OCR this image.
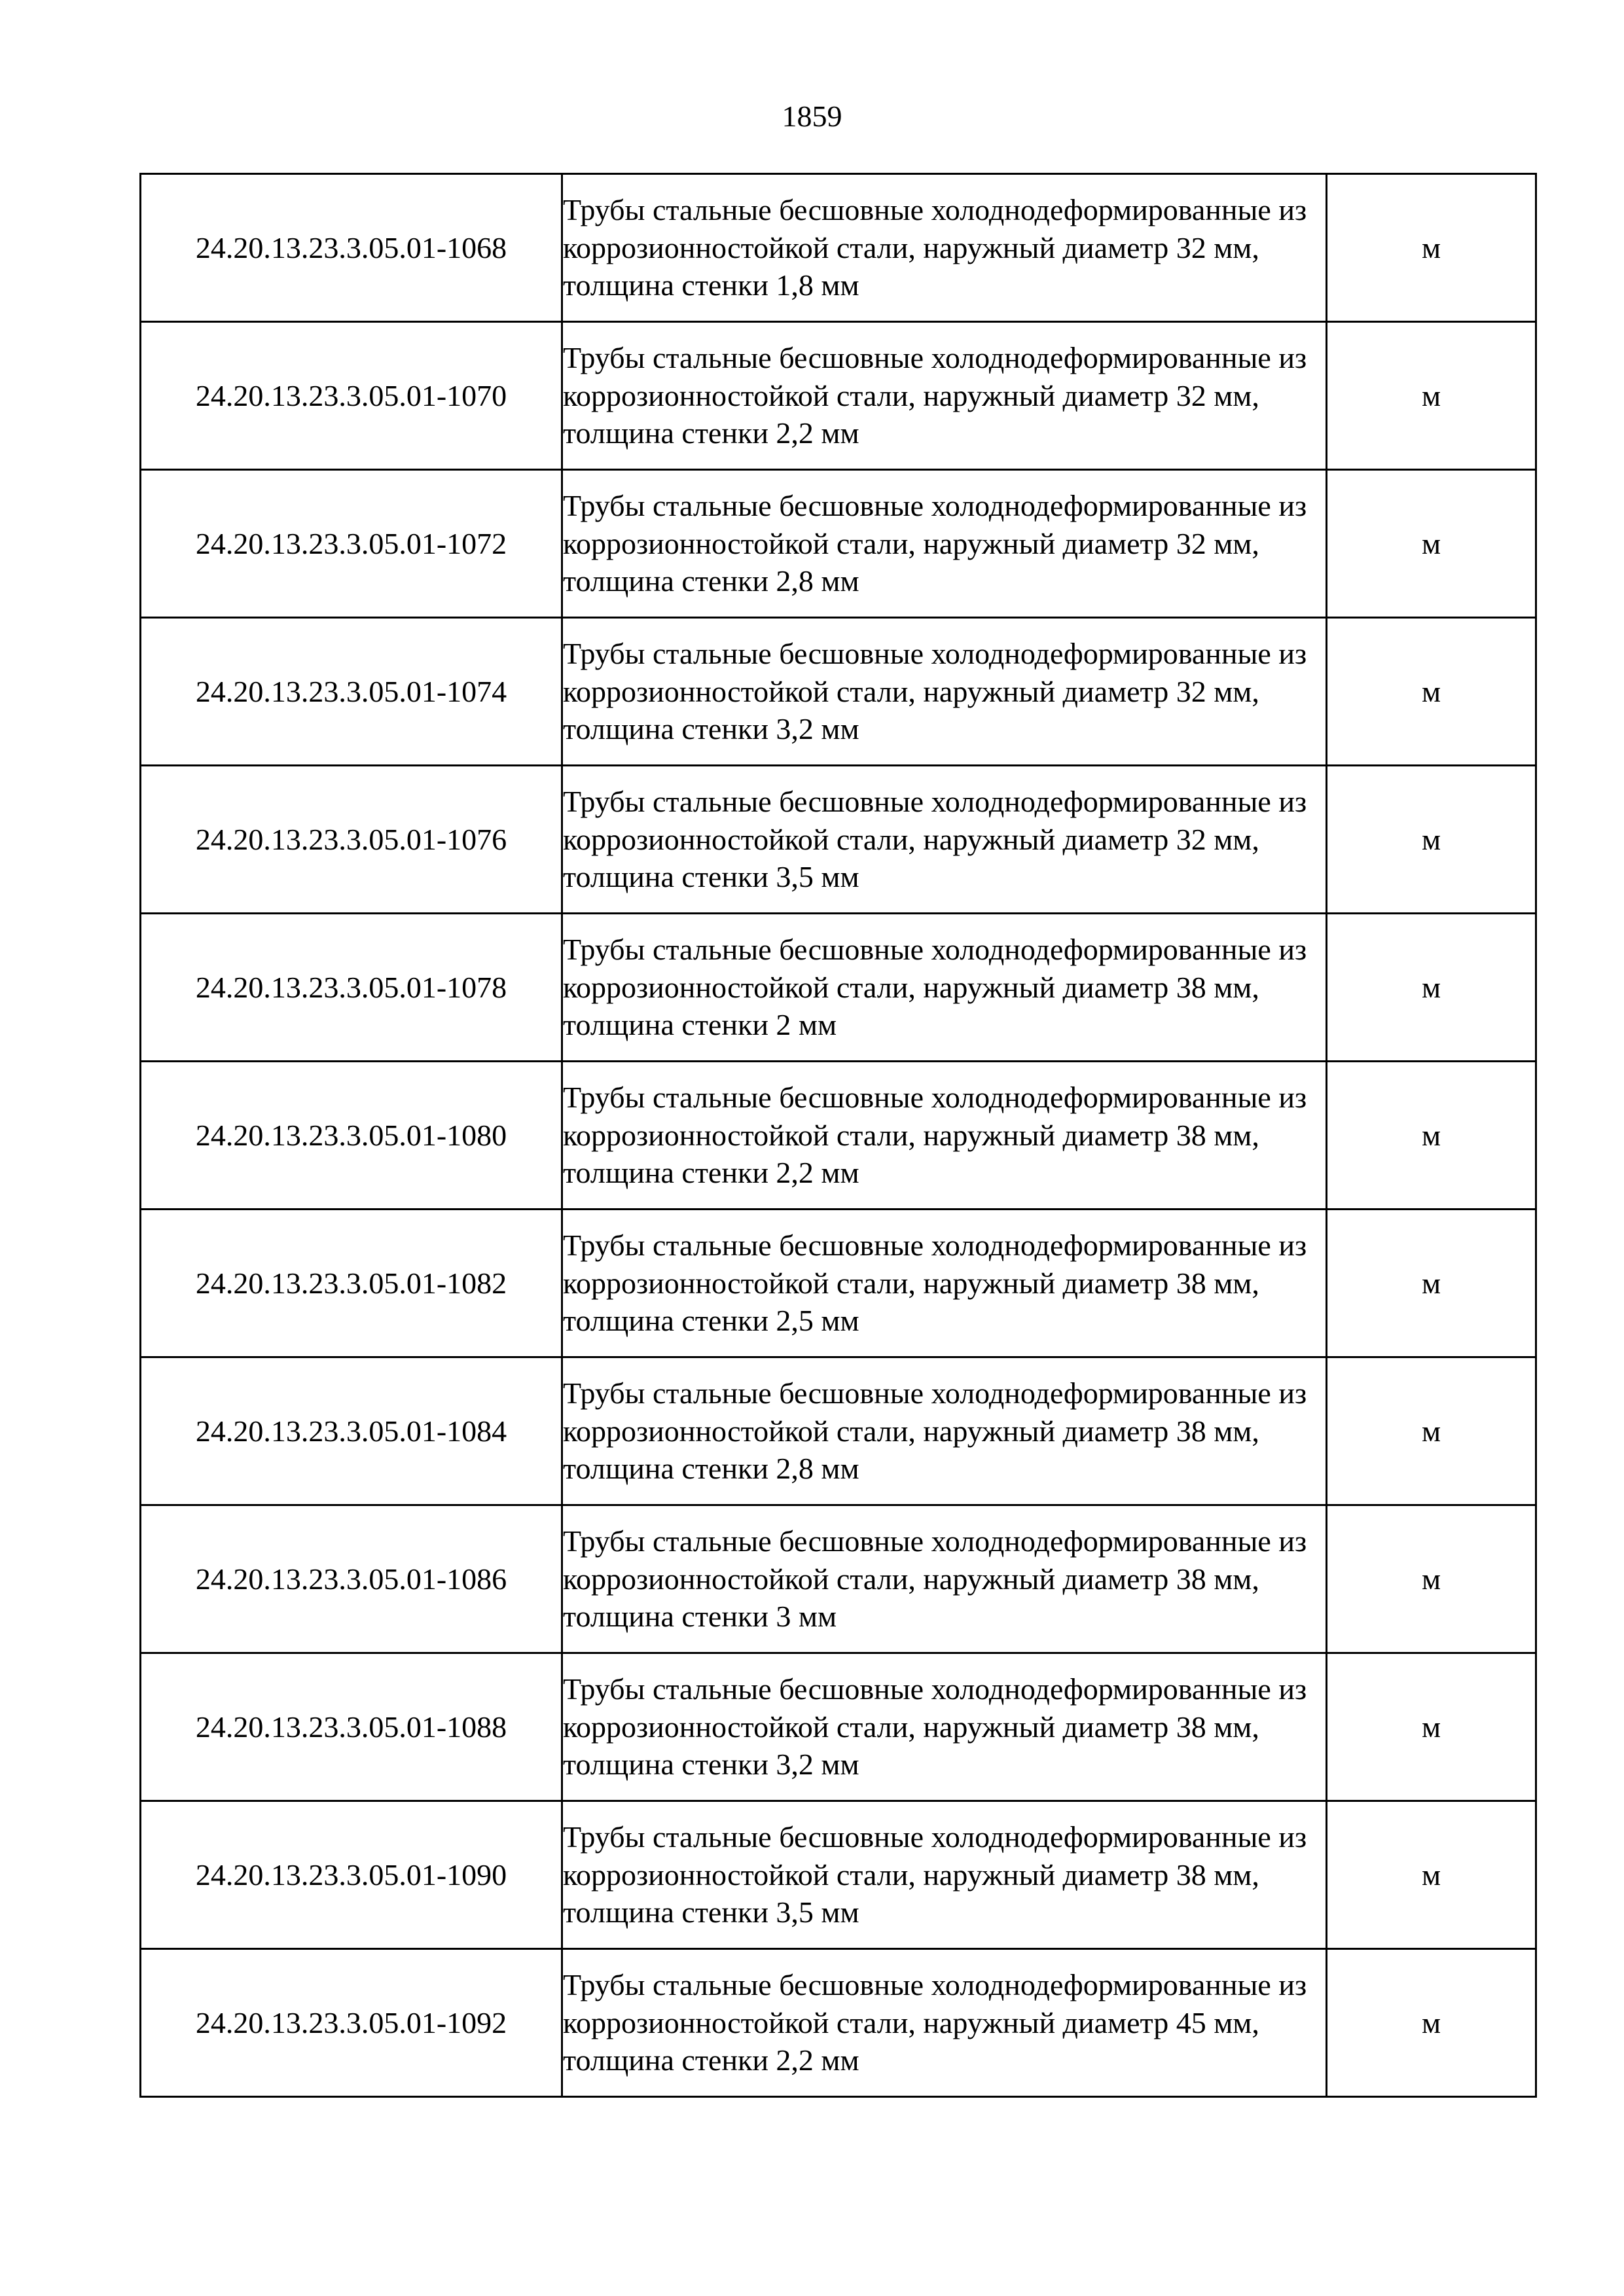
1859
24.20.13.23.3.05.01-1068	Трубы стальные бесшовные холоднодеформированные из коррозионностойкой стали, наружный диаметр 32 мм, толщина стенки 1,8 мм	м
24.20.13.23.3.05.01-1070	Трубы стальные бесшовные холоднодеформированные из коррозионностойкой стали, наружный диаметр 32 мм, толщина стенки 2,2 мм	м
24.20.13.23.3.05.01-1072	Трубы стальные бесшовные холоднодеформированные из коррозионностойкой стали, наружный диаметр 32 мм, толщина стенки 2,8 мм	м
24.20.13.23.3.05.01-1074	Трубы стальные бесшовные холоднодеформированные из коррозионностойкой стали, наружный диаметр 32 мм, толщина стенки 3,2 мм	м
24.20.13.23.3.05.01-1076	Трубы стальные бесшовные холоднодеформированные из коррозионностойкой стали, наружный диаметр 32 мм, толщина стенки 3,5 мм	м
24.20.13.23.3.05.01-1078	Трубы стальные бесшовные холоднодеформированные из коррозионностойкой стали, наружный диаметр 38 мм, толщина стенки 2 мм	м
24.20.13.23.3.05.01-1080	Трубы стальные бесшовные холоднодеформированные из коррозионностойкой стали, наружный диаметр 38 мм, толщина стенки 2,2 мм	м
24.20.13.23.3.05.01-1082	Трубы стальные бесшовные холоднодеформированные из коррозионностойкой стали, наружный диаметр 38 мм, толщина стенки 2,5 мм	м
24.20.13.23.3.05.01-1084	Трубы стальные бесшовные холоднодеформированные из коррозионностойкой стали, наружный диаметр 38 мм, толщина стенки 2,8 мм	м
24.20.13.23.3.05.01-1086	Трубы стальные бесшовные холоднодеформированные из коррозионностойкой стали, наружный диаметр 38 мм, толщина стенки 3 мм	м
24.20.13.23.3.05.01-1088	Трубы стальные бесшовные холоднодеформированные из коррозионностойкой стали, наружный диаметр 38 мм, толщина стенки 3,2 мм	м
24.20.13.23.3.05.01-1090	Трубы стальные бесшовные холоднодеформированные из коррозионностойкой стали, наружный диаметр 38 мм, толщина стенки 3,5 мм	м
24.20.13.23.3.05.01-1092	Трубы стальные бесшовные холоднодеформированные из коррозионностойкой стали, наружный диаметр 45 мм, толщина стенки 2,2 мм	м
